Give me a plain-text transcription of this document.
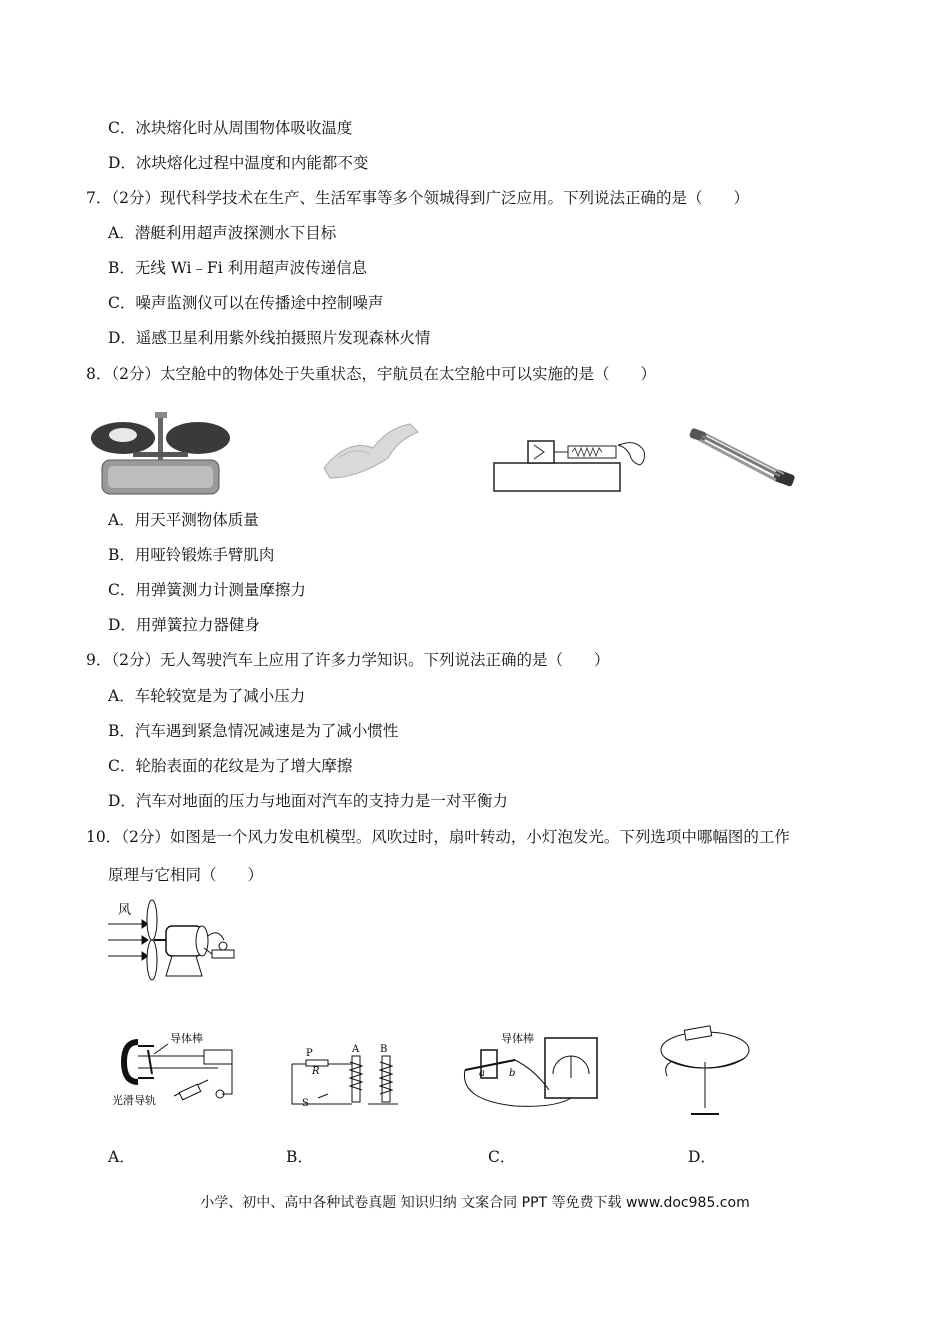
C．冰块熔化时从周围物体吸收温度
D．冰块熔化过程中温度和内能都不变
7．（2分）现代科学技术在生产、生活军事等多个领城得到广泛应用。下列说法正确的是（　　）
A．潜艇利用超声波探测水下目标
B．无线 Wi﹣Fi 利用超声波传递信息
C．噪声监测仪可以在传播途中控制噪声
D．遥感卫星利用紫外线拍摄照片发现森林火情
8．（2分）太空舱中的物体处于失重状态，宇航员在太空舱中可以实施的是（　　）
A．用天平测物体质量
B．用哑铃锻炼手臂肌肉
C．用弹簧测力计测量摩擦力
D．用弹簧拉力器健身
9．（2分）无人驾驶汽车上应用了许多力学知识。下列说法正确的是（　　）
A．车轮较宽是为了减小压力
B．汽车遇到紧急情况减速是为了减小惯性
C．轮胎表面的花纹是为了增大摩擦
D．汽车对地面的压力与地面对汽车的支持力是一对平衡力
10．（2分）如图是一个风力发电机模型。风吹过时，扇叶转动，小灯泡发光。下列选项中哪幅图的工作
原理与它相同（　　）
风
导体棒
光滑导轨
P
R
A B
S
导体棒
a b
A．	B．	C．	D．
小学、初中、高中各种试卷真题 知识归纳 文案合同 PPT 等免费下载 www.doc985.com
